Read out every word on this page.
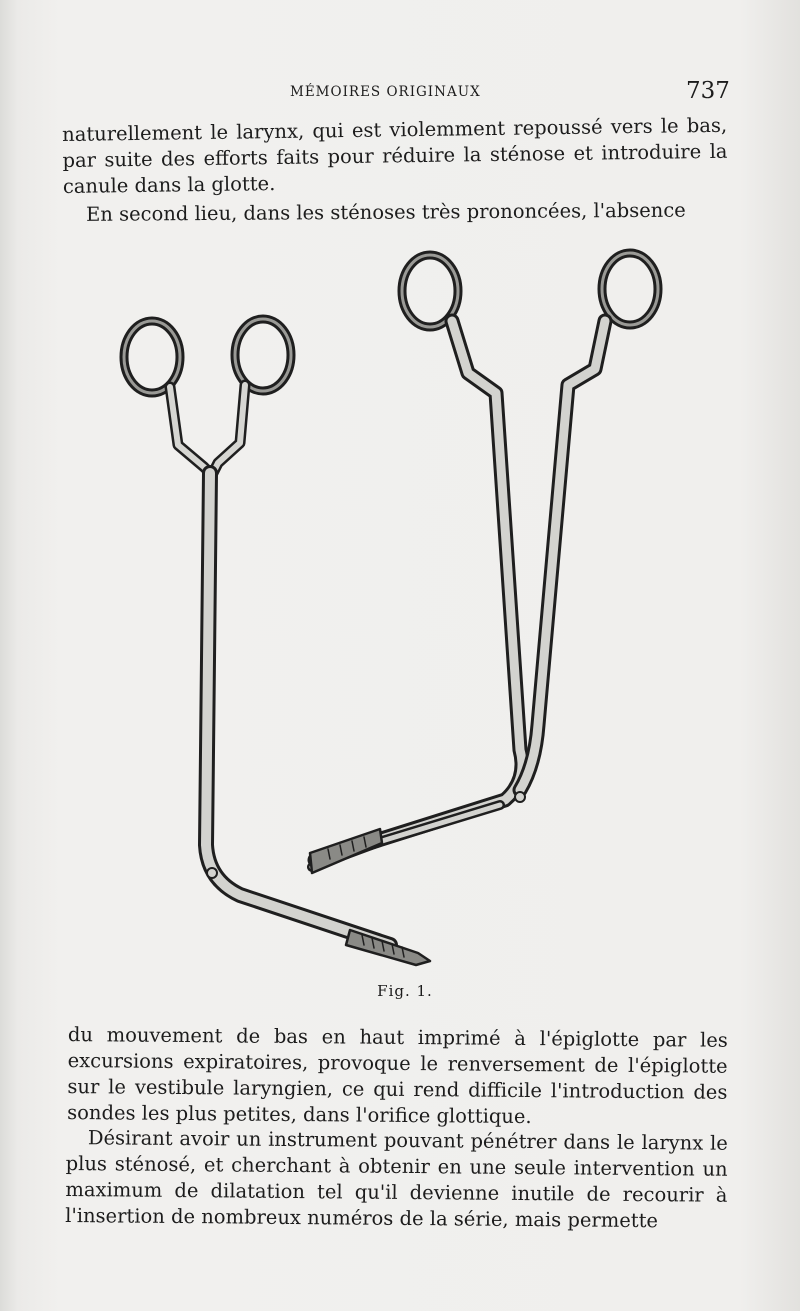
MÉMOIRES ORIGINAUX	737

naturellement le larynx, qui est violemment repoussé vers le bas, par suite des efforts faits pour réduire la sténose et introduire la canule dans la glotte.

En second lieu, dans les sténoses très prononcées, l'absence

Fig. 1.

du mouvement de bas en haut imprimé à l'épiglotte par les excursions expiratoires, provoque le renversement de l'épiglotte sur le vestibule laryngien, ce qui rend difficile l'introduction des sondes les plus petites, dans l'orifice glottique.

Désirant avoir un instrument pouvant pénétrer dans le larynx le plus sténosé, et cherchant à obtenir en une seule intervention un maximum de dilatation tel qu'il devienne inutile de recourir à l'insertion de nombreux numéros de la série, mais permette
